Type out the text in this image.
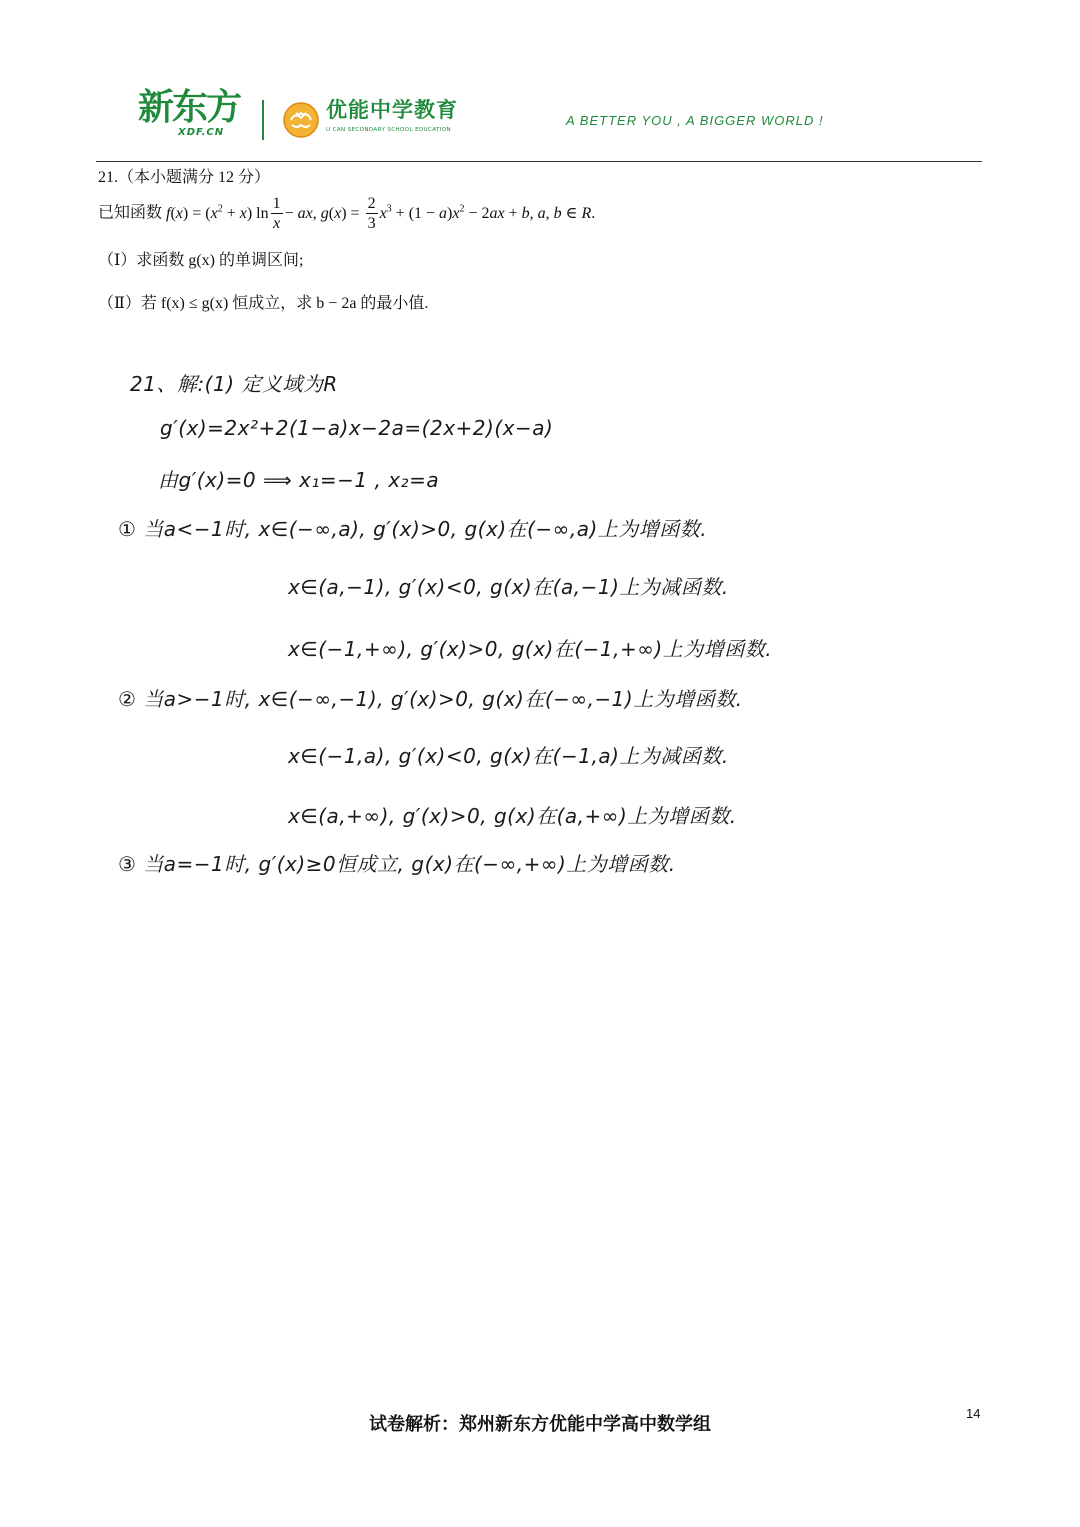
新东方
XDF.CN
优能中学教育
U CAN SECONDARY SCHOOL EDUCATION
A BETTER YOU , A BIGGER WORLD !
21.（本小题满分 12 分）
已知函数 $f(x) = (x^2 + x)$ $\ln \frac{1}{x}$ − ax, $g(x) = \frac{2}{3} x^3 + (1 - a)x^2 - 2ax + b$, a, b ∈ R.
（Ⅰ）求函数 g(x) 的单调区间;
（Ⅱ）若 f(x) ≤ g(x) 恒成立，求 b − 2a 的最小值.
21、解:(1) 定义域为R
g′(x)=2x²+2(1−a)x−2a=(2x+2)(x−a)
由g′(x)=0 ⟹ x₁=−1 , x₂=a
① 当a<−1时, x∈(−∞,a), g′(x)>0, g(x)在(−∞,a)上为增函数.
x∈(a,−1), g′(x)<0, g(x)在(a,−1)上为减函数.
x∈(−1,+∞), g′(x)>0, g(x)在(−1,+∞)上为增函数.
② 当a>−1时, x∈(−∞,−1), g′(x)>0, g(x)在(−∞,−1)上为增函数.
x∈(−1,a), g′(x)<0, g(x)在(−1,a)上为减函数.
x∈(a,+∞), g′(x)>0, g(x)在(a,+∞)上为增函数.
③ 当a=−1时, g′(x)≥0恒成立, g(x)在(−∞,+∞)上为增函数.
试卷解析：郑州新东方优能中学高中数学组
14
